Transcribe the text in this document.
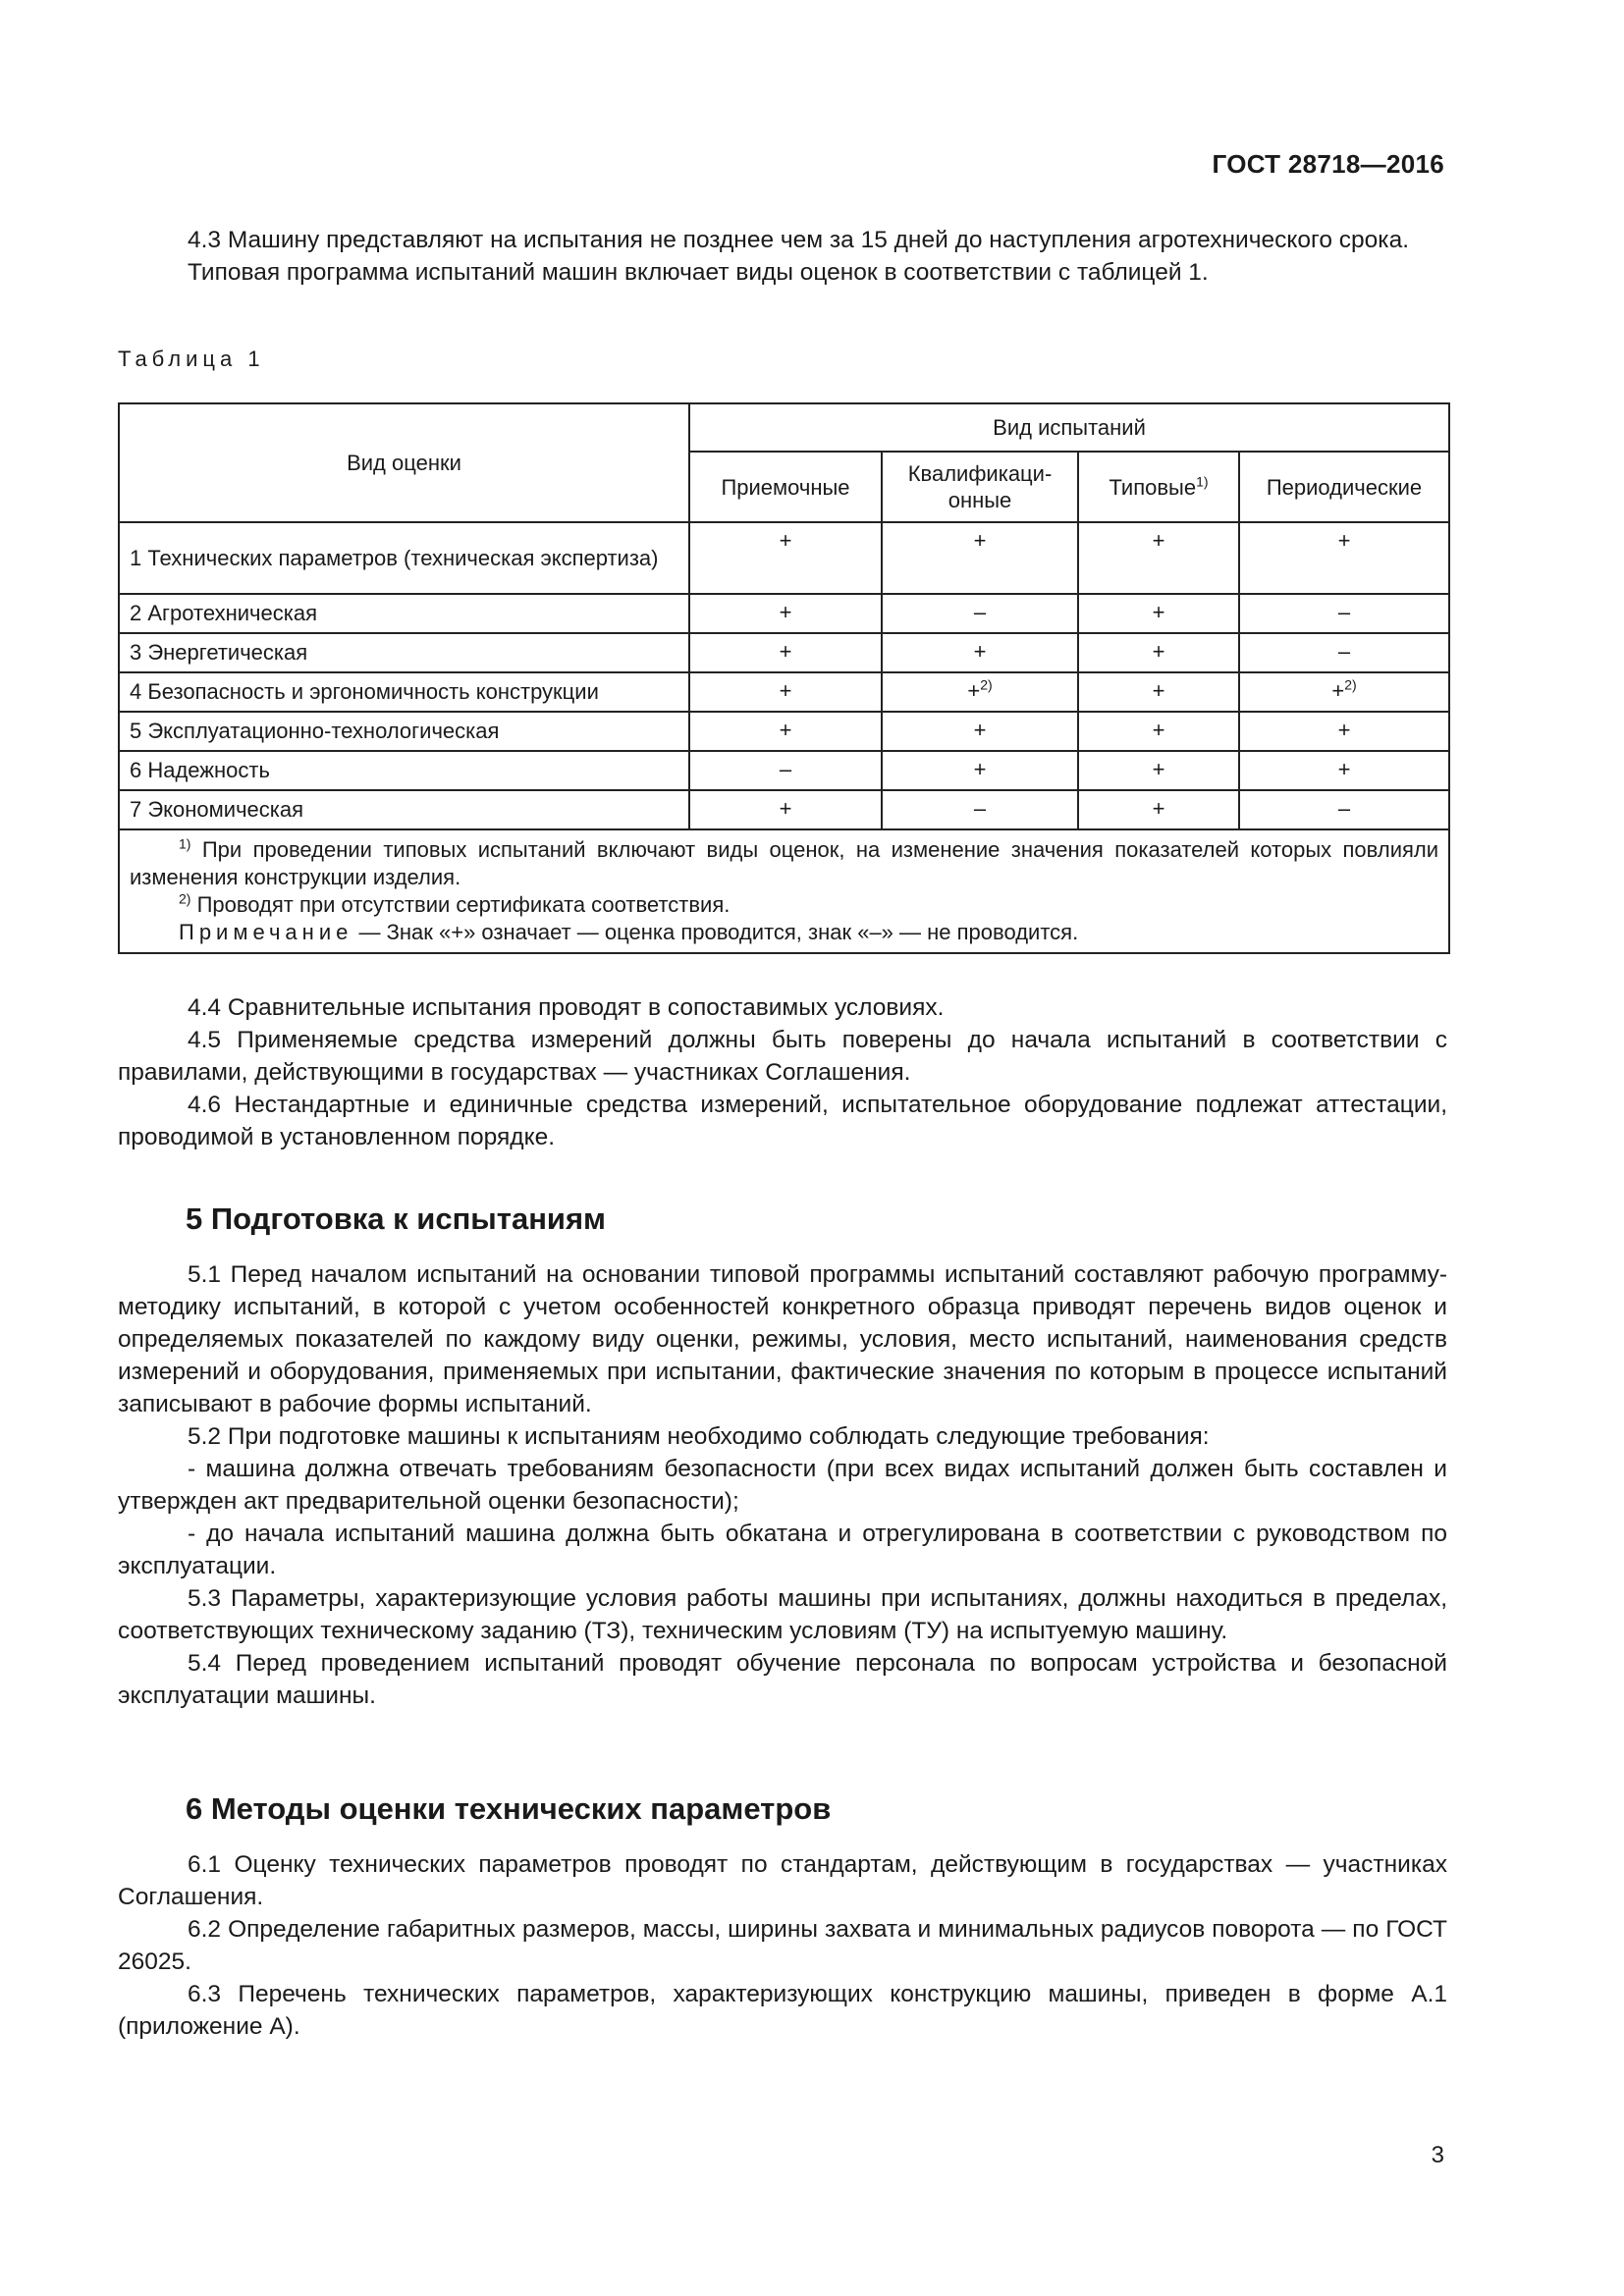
ГОСТ 28718—2016

4.3 Машину представляют на испытания не позднее чем за 15 дней до наступления агротехнического срока.

Типовая программа испытаний машин включает виды оценок в соответствии с таблицей 1.

Таблица 1
Вид оценки	Вид испытаний			
	Приемочные	Квалификаци-онные	Типовые$^{1)}$	Периодические
1 Технических параметров (техническая экспертиза)	+	+	+	+
2 Агротехническая	+	–	+	–
3 Энергетическая	+	+	+	–
4 Безопасность и эргономичность конструкции	+	+$^{2)}$	+	+$^{2)}$
5 Эксплуатационно-технологическая	+	+	+	+
6 Надежность	–	+	+	+
7 Экономическая	+	–	+	–

$^{1)}$ При проведении типовых испытаний включают виды оценок, на изменение значения показателей которых повлияли изменения конструкции изделия.
$^{2)}$ Проводят при отсутствии сертификата соответствия.
Примечание — Знак «+» означает — оценка проводится, знак «–» — не проводится.				

4.4 Сравнительные испытания проводят в сопоставимых условиях.

4.5 Применяемые средства измерений должны быть поверены до начала испытаний в соответствии с правилами, действующими в государствах — участниках Соглашения.

4.6 Нестандартные и единичные средства измерений, испытательное оборудование подлежат аттестации, проводимой в установленном порядке.

5 Подготовка к испытаниям

5.1 Перед началом испытаний на основании типовой программы испытаний составляют рабочую программу-методику испытаний, в которой с учетом особенностей конкретного образца приводят перечень видов оценок и определяемых показателей по каждому виду оценки, режимы, условия, место испытаний, наименования средств измерений и оборудования, применяемых при испытании, фактические значения по которым в процессе испытаний записывают в рабочие формы испытаний.

5.2 При подготовке машины к испытаниям необходимо соблюдать следующие требования:

- машина должна отвечать требованиям безопасности (при всех видах испытаний должен быть составлен и утвержден акт предварительной оценки безопасности);

- до начала испытаний машина должна быть обкатана и отрегулирована в соответствии с руководством по эксплуатации.

5.3 Параметры, характеризующие условия работы машины при испытаниях, должны находиться в пределах, соответствующих техническому заданию (ТЗ), техническим условиям (ТУ) на испытуемую машину.

5.4 Перед проведением испытаний проводят обучение персонала по вопросам устройства и безопасной эксплуатации машины.

6 Методы оценки технических параметров

6.1 Оценку технических параметров проводят по стандартам, действующим в государствах — участниках Соглашения.

6.2 Определение габаритных размеров, массы, ширины захвата и минимальных радиусов поворота — по ГОСТ 26025.

6.3 Перечень технических параметров, характеризующих конструкцию машины, приведен в форме А.1 (приложение А).

3
